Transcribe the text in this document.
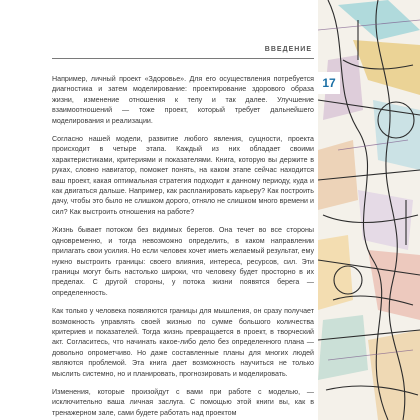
ВВЕДЕНИЕ
17

Например, личный проект «Здоровье». Для его осуществления потребуется диагностика и затем моделирование: проектирование здорового образа жизни, изменение отношения к телу и так далее. Улучшение взаимоотношений — тоже проект, который требует дальнейшего моделирования и реализации.

Согласно нашей модели, развитие любого явления, сущности, проекта происходит в четыре этапа. Каждый из них обладает своими характеристиками, критериями и показателями. Книга, которую вы держите в руках, словно навигатор, поможет понять, на каком этапе сейчас находится ваш проект, какая оптимальная стратегия подходит к данному периоду, куда и как двигаться дальше. Например, как распланировать карьеру? Как построить дачу, чтобы это было не слишком дорого, отняло не слишком много времени и сил? Как выстроить отношения на работе?

Жизнь бывает потоком без видимых берегов. Она течет во все стороны одновременно, и тогда невозможно определить, в каком направлении прилагать свои усилия. Но если человек хочет иметь желаемый результат, ему нужно выстроить границы: своего влияния, интереса, ресурсов, сил. Эти границы могут быть настолько широки, что человеку будет просторно в их пределах. С другой стороны, у потока жизни появятся берега — определенность.

Как только у человека появляются границы для мышления, он сразу получает возможность управлять своей жизнью по сумме большого количества критериев и показателей. Тогда жизнь превращается в проект, в творческий акт. Согласитесь, что начинать какое-либо дело без определенного плана — довольно опрометчиво. Но даже составленные планы для многих людей являются проблемой. Эта книга дает возможность научиться не только мыслить системно, но и планировать, прогнозировать и моделировать.

Изменения, которые произойдут с вами при работе с моделью, — исключительно ваша личная заслуга. С помощью этой книги вы, как в тренажерном зале, сами будете работать над проектом
